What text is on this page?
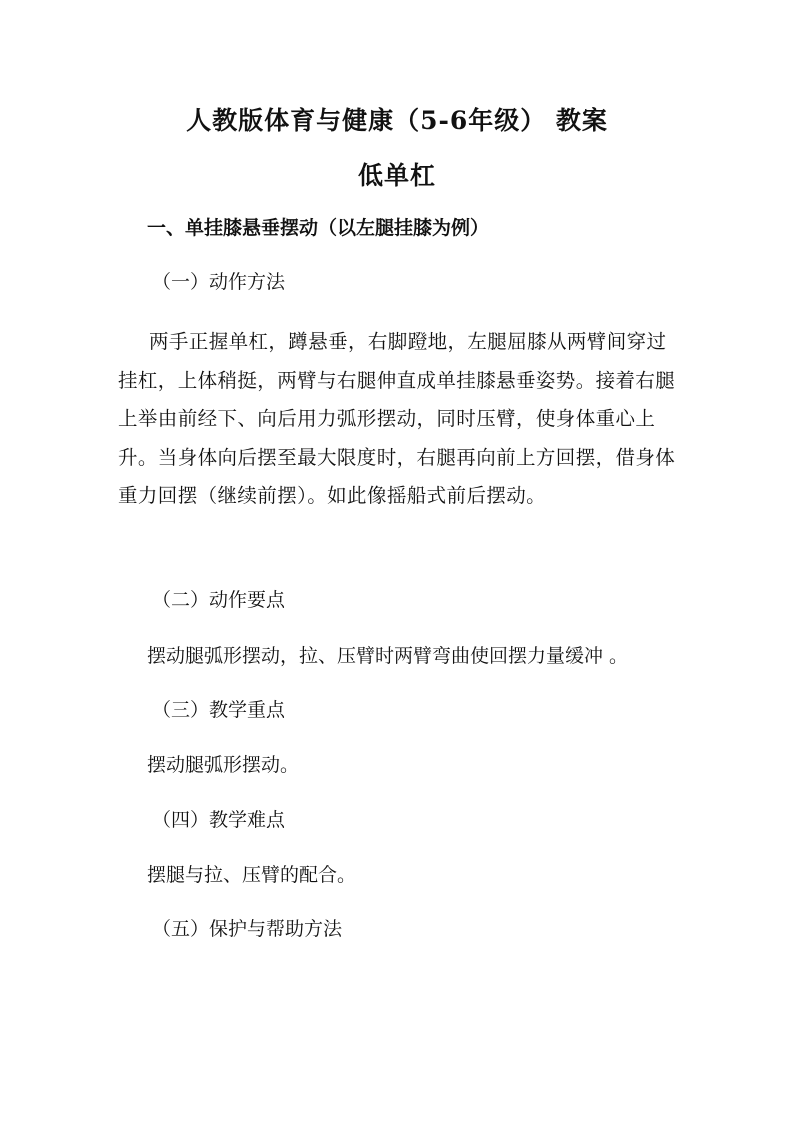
人教版体育与健康（5-6年级） 教案
低单杠
一、单挂膝悬垂摆动（以左腿挂膝为例）
（一）动作方法
两手正握单杠，蹲悬垂，右脚蹬地，左腿屈膝从两臂间穿过挂杠，上体稍挺，两臂与右腿伸直成单挂膝悬垂姿势。接着右腿上举由前经下、向后用力弧形摆动，同时压臂，使身体重心上升。当身体向后摆至最大限度时，右腿再向前上方回摆，借身体重力回摆（继续前摆）。如此像摇船式前后摆动。
（二）动作要点
摆动腿弧形摆动，拉、压臂时两臂弯曲使回摆力量缓冲 。
（三）教学重点
摆动腿弧形摆动。
（四）教学难点
摆腿与拉、压臂的配合。
（五）保护与帮助方法
